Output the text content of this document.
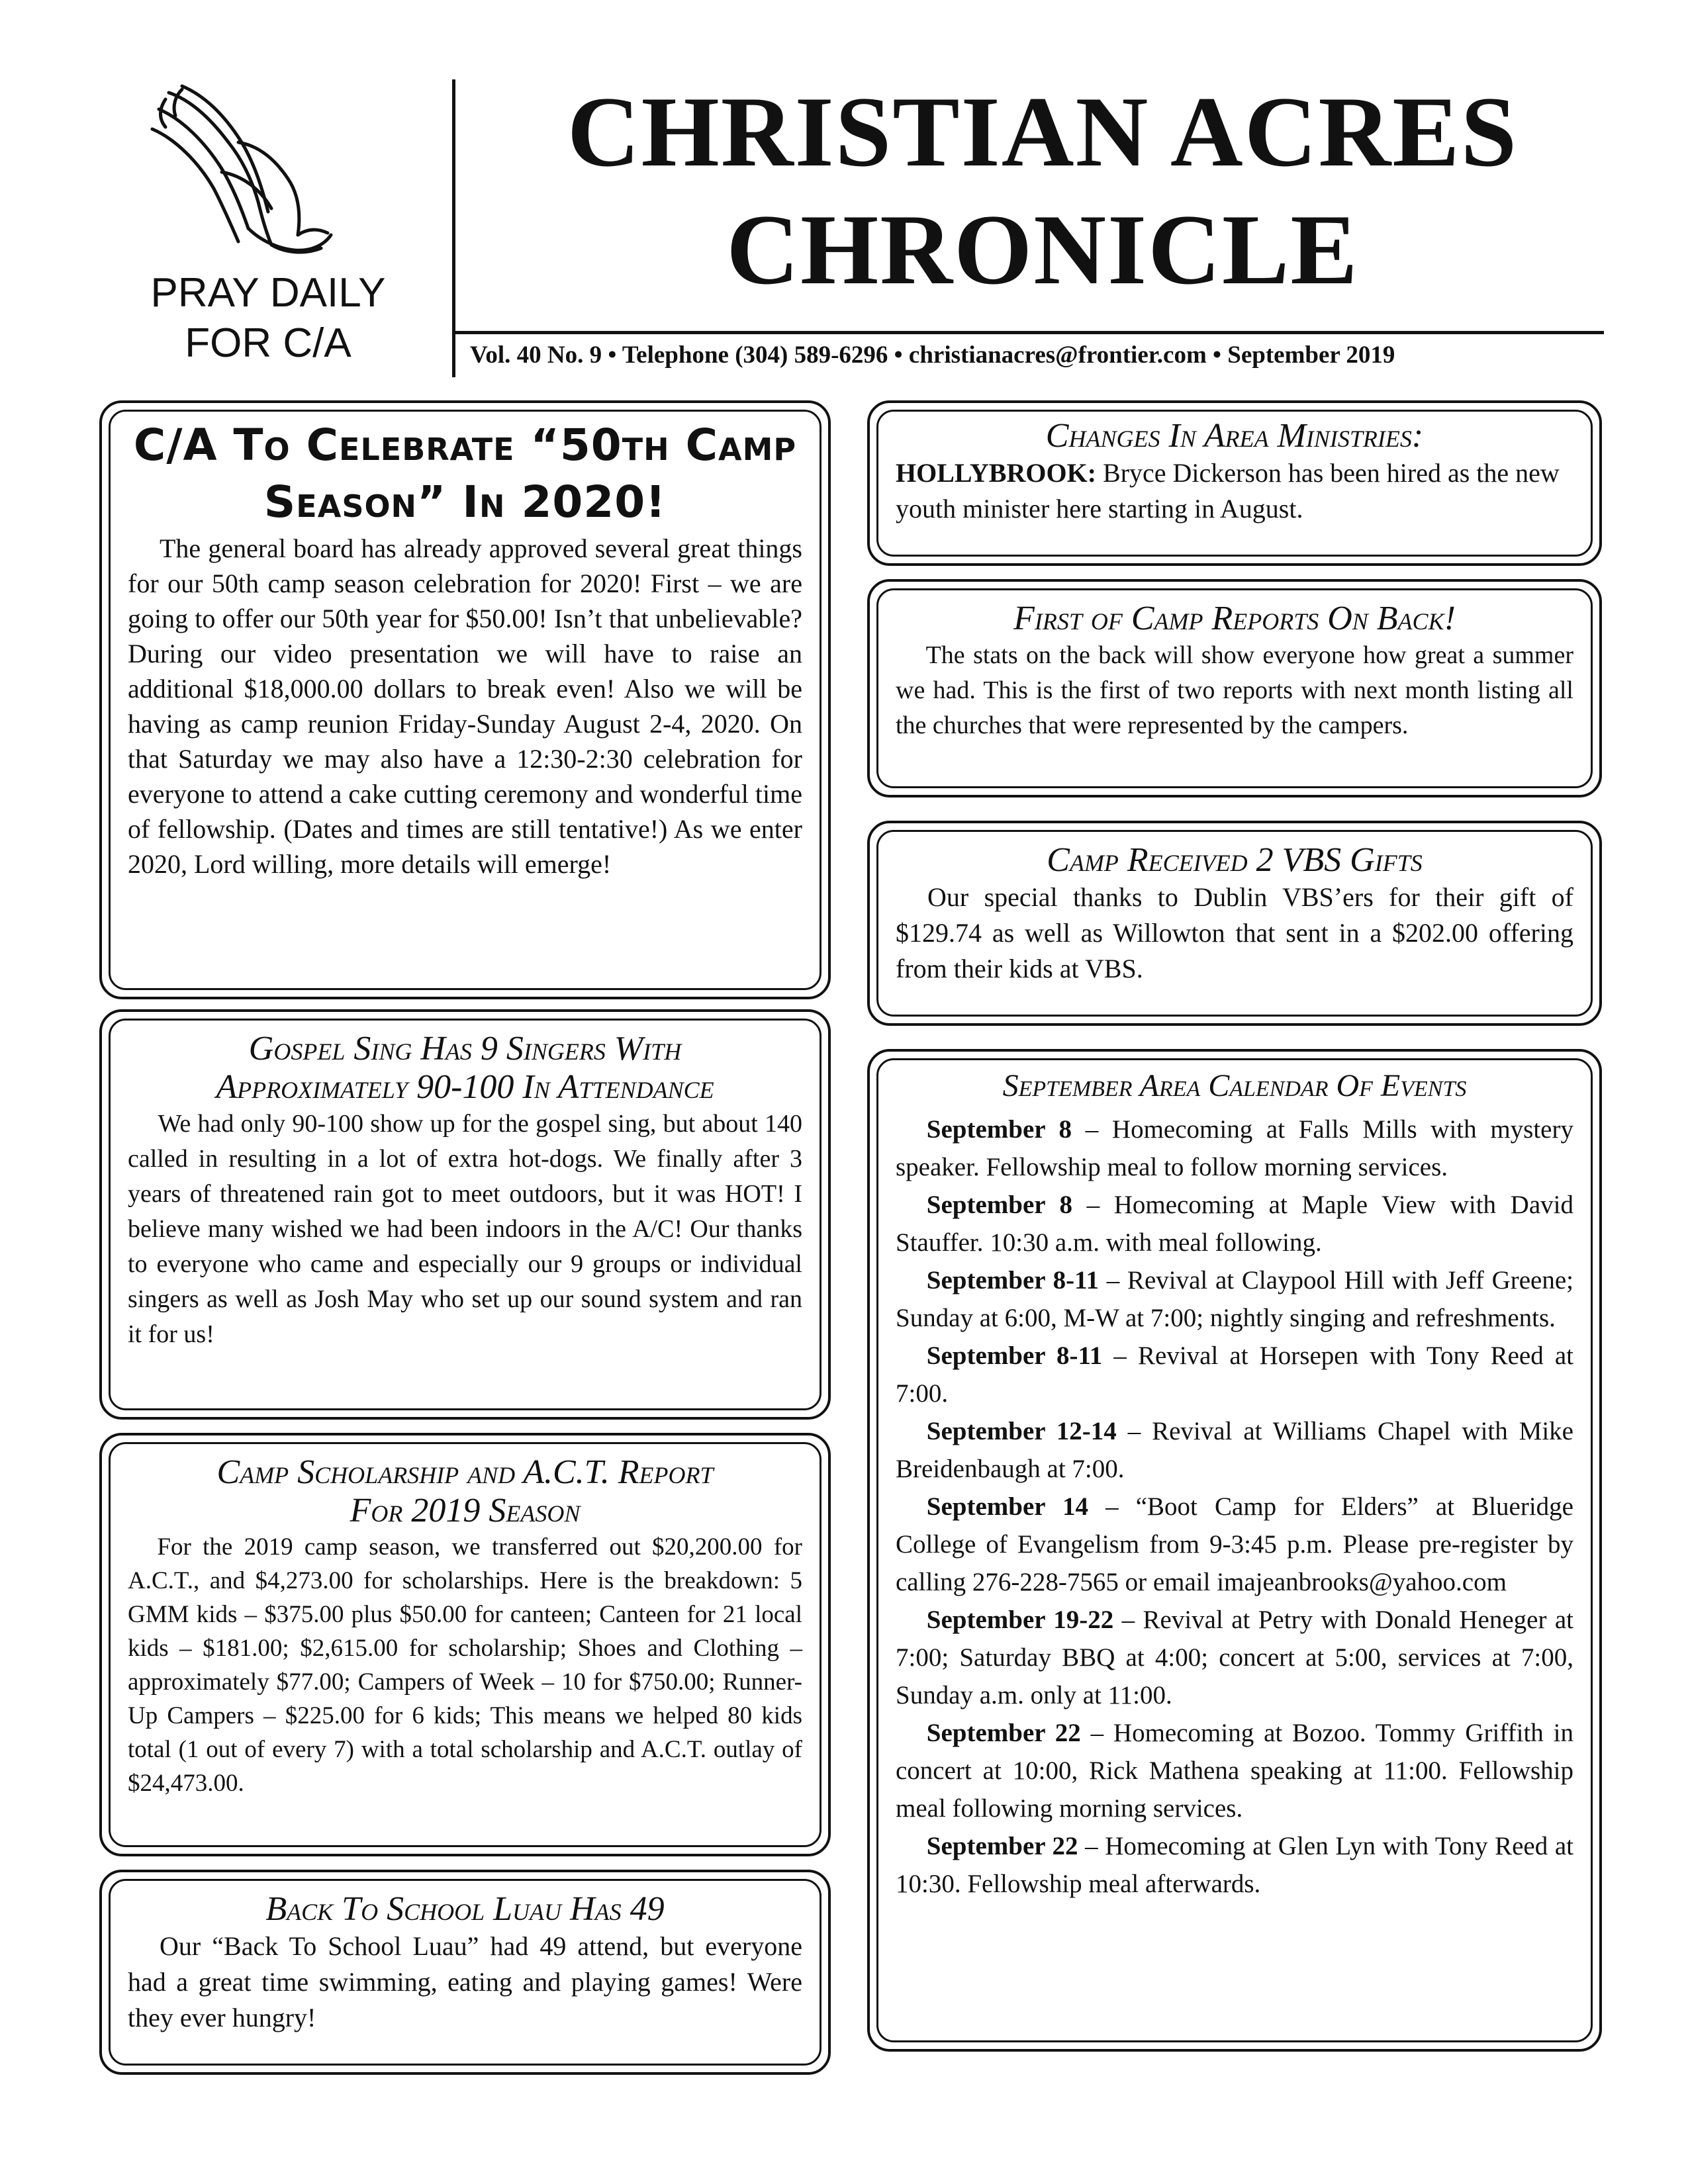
PRAY DAILY
FOR C/A
CHRISTIAN ACRES
CHRONICLE
Vol. 40 No. 9 • Telephone (304) 589-6296 • christianacres@frontier.com • September 2019
C/A To Celebrate “50th Camp
Season” In 2020!

The general board has already approved several great things for our 50th camp season celebration for 2020! First – we are going to offer our 50th year for $50.00! Isn’t that unbelievable? During our video presentation we will have to raise an additional $18,000.00 dollars to break even! Also we will be having as camp reunion Friday-Sunday August 2-4, 2020. On that Saturday we may also have a 12:30-2:30 celebration for everyone to attend a cake cutting ceremony and wonderful time of fellowship. (Dates and times are still tentative!) As we enter 2020, Lord willing, more details will emerge!

Gospel Sing Has 9 Singers With
Approximately 90-100 In Attendance

We had only 90-100 show up for the gospel sing, but about 140 called in resulting in a lot of extra hot-dogs. We finally after 3 years of threatened rain got to meet outdoors, but it was HOT! I believe many wished we had been indoors in the A/C! Our thanks to everyone who came and especially our 9 groups or individual singers as well as Josh May who set up our sound system and ran it for us!

Camp Scholarship and A.C.T. Report
For 2019 Season

For the 2019 camp season, we transferred out $20,200.00 for A.C.T., and $4,273.00 for scholarships. Here is the breakdown: 5 GMM kids – $375.00 plus $50.00 for canteen; Canteen for 21 local kids – $181.00; $2,615.00 for scholarship; Shoes and Clothing – approximately $77.00; Campers of Week – 10 for $750.00; Runner-Up Campers – $225.00 for 6 kids; This means we helped 80 kids total (1 out of every 7) with a total scholarship and A.C.T. outlay of $24,473.00.

Back To School Luau Has 49

Our “Back To School Luau” had 49 attend, but everyone had a great time swimming, eating and playing games! Were they ever hungry!

Changes In Area Ministries:
HOLLYBROOK: Bryce Dickerson has been hired as the new youth minister here starting in August.
First of Camp Reports On Back!

The stats on the back will show everyone how great a summer we had. This is the first of two reports with next month listing all the churches that were represented by the campers.

Camp Received 2 VBS Gifts

Our special thanks to Dublin VBS’ers for their gift of $129.74 as well as Willowton that sent in a $202.00 offering from their kids at VBS.

September Area Calendar Of Events

September 8 – Homecoming at Falls Mills with mystery speaker. Fellowship meal to follow morning services.

September 8 – Homecoming at Maple View with David Stauffer. 10:30 a.m. with meal following.

September 8-11 – Revival at Claypool Hill with Jeff Greene; Sunday at 6:00, M-W at 7:00; nightly singing and refreshments.

September 8-11 – Revival at Horsepen with Tony Reed at 7:00.

September 12-14 – Revival at Williams Chapel with Mike Breidenbaugh at 7:00.

September 14 – “Boot Camp for Elders” at Blueridge College of Evangelism from 9-3:45 p.m. Please pre-register by calling 276-228-7565 or email imajeanbrooks@yahoo.com

September 19-22 – Revival at Petry with Donald Heneger at 7:00; Saturday BBQ at 4:00; concert at 5:00, services at 7:00, Sunday a.m. only at 11:00.

September 22 – Homecoming at Bozoo. Tommy Griffith in concert at 10:00, Rick Mathena speaking at 11:00. Fellowship meal following morning services.

September 22 – Homecoming at Glen Lyn with Tony Reed at 10:30. Fellowship meal afterwards.
